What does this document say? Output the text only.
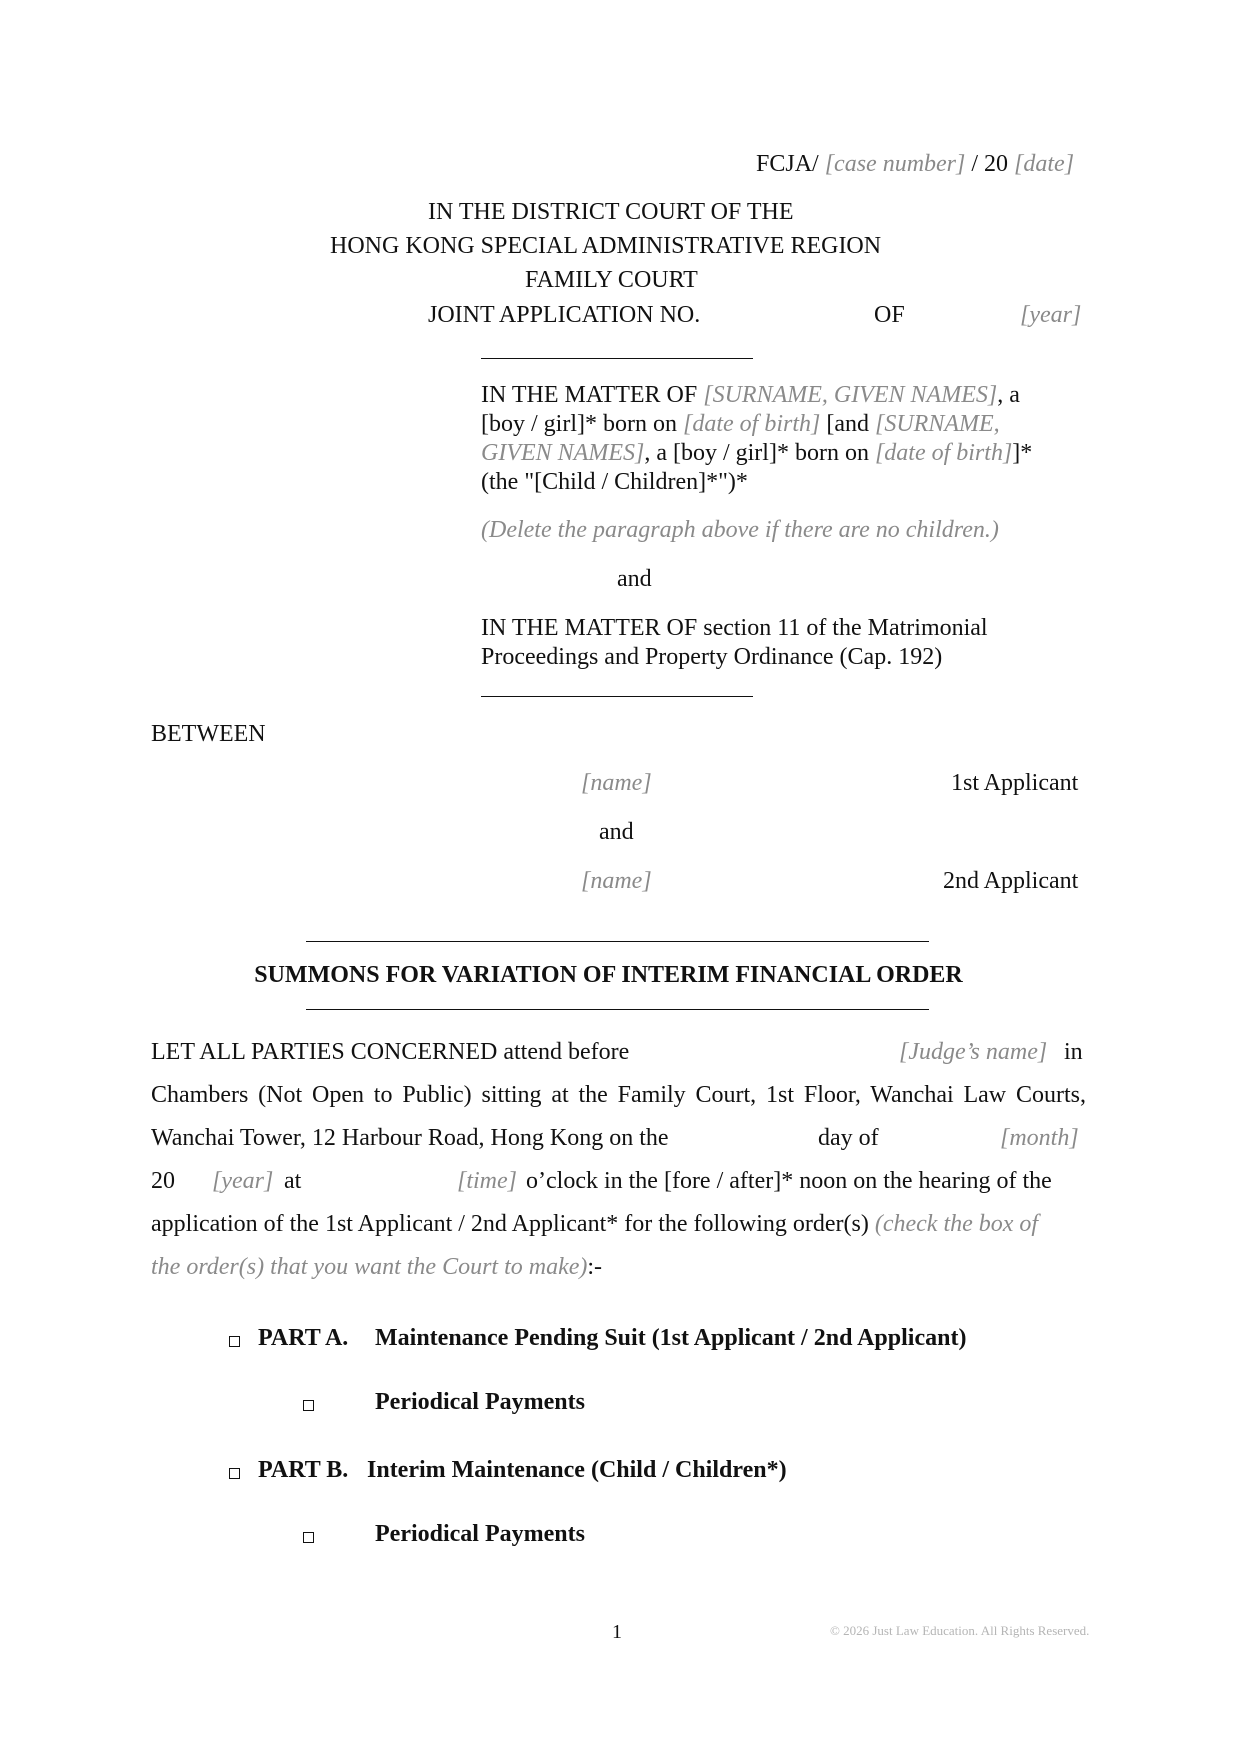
FCJA/ [case number] / 20 [date]
IN THE DISTRICT COURT OF THE
HONG KONG SPECIAL ADMINISTRATIVE REGION
FAMILY COURT
JOINT APPLICATION NO.	OF	[year]
IN THE MATTER OF [SURNAME, GIVEN NAMES], a
[boy / girl]* born on [date of birth] [and [SURNAME,
GIVEN NAMES], a [boy / girl]* born on [date of birth]]*
(the "[Child / Children]*")*
(Delete the paragraph above if there are no children.)
and
IN THE MATTER OF section 11 of the Matrimonial
Proceedings and Property Ordinance (Cap. 192)
BETWEEN
[name]	1st Applicant
and
[name]	2nd Applicant
SUMMONS FOR VARIATION OF INTERIM FINANCIAL ORDER
LET ALL PARTIES CONCERNED attend before	[Judge’s name] in
Chambers (Not Open to Public) sitting at the Family Court, 1st Floor, Wanchai Law Courts,
Wanchai Tower, 12 Harbour Road, Hong Kong on the	day of	[month]
20 [year] at	[time] o’clock in the [fore / after]* noon on the hearing of the
application of the 1st Applicant / 2nd Applicant* for the following order(s) (check the box of
the order(s) that you want the Court to make):-
PART A. Maintenance Pending Suit (1st Applicant / 2nd Applicant)
Periodical Payments
PART B. Interim Maintenance (Child / Children*)
Periodical Payments
1	© 2026 Just Law Education. All Rights Reserved.
